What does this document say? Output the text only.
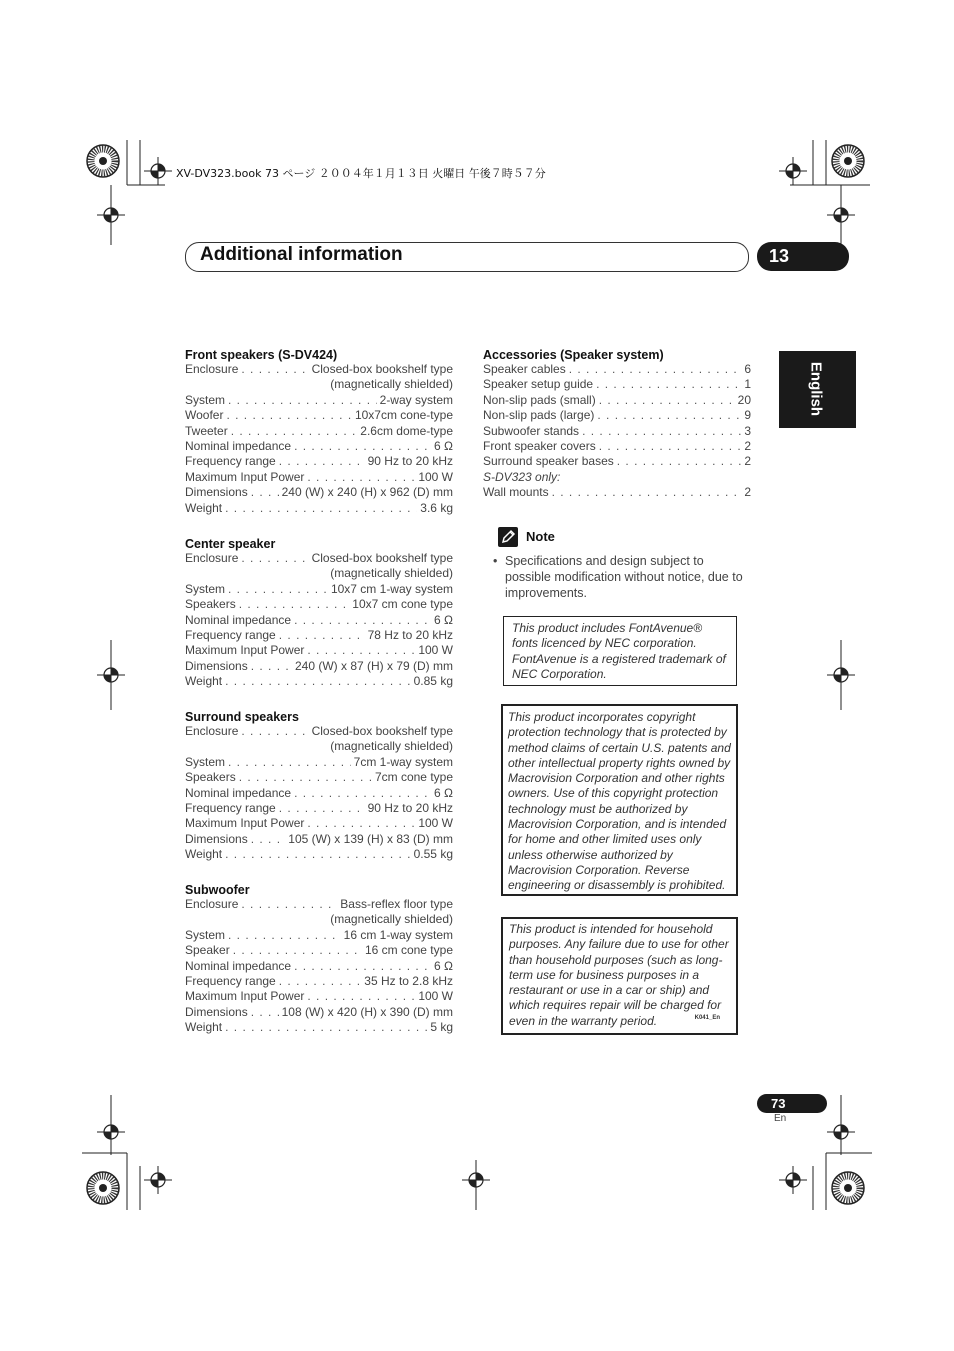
XV-DV323.book 73 ページ ２００４年１月１３日 火曜日 午後７時５７分
Additional information	13
English
Front speakers (S-DV424)
Enclosure . . .	Closed-box bookshelf type
(magnetically shielded)
System . . .	2-way system
Woofer . . .	10x7cm cone-type
Tweeter . . .	2.6cm dome-type
Nominal impedance . . .	6 Ω
Frequency range . . .	90 Hz to 20 kHz
Maximum Input Power . . .	100 W
Dimensions . . .	240 (W) x 240 (H) x 962 (D) mm
Weight . . .	3.6 kg
Center speaker
Enclosure . . .	Closed-box bookshelf type
(magnetically shielded)
System . . .	10x7 cm 1-way system
Speakers . . .	10x7 cm cone type
Nominal impedance . . .	6 Ω
Frequency range . . .	78 Hz to 20 kHz
Maximum Input Power . . .	100 W
Dimensions . . .	240 (W) x 87 (H) x 79 (D) mm
Weight . . .	0.85 kg
Surround speakers
Enclosure . . .	Closed-box bookshelf type
(magnetically shielded)
System . . .	7cm 1-way system
Speakers . . .	7cm cone type
Nominal impedance . . .	6 Ω
Frequency range . . .	90 Hz to 20 kHz
Maximum Input Power . . .	100 W
Dimensions . . .	105 (W) x 139 (H) x 83 (D) mm
Weight . . .	0.55 kg
Subwoofer
Enclosure . . .	Bass-reflex floor type
(magnetically shielded)
System . . .	16 cm 1-way system
Speaker . . .	16 cm cone type
Nominal impedance . . .	6 Ω
Frequency range . . .	35 Hz to 2.8 kHz
Maximum Input Power . . .	100 W
Dimensions . . .	108 (W) x 420 (H) x 390 (D) mm
Weight . . .	5 kg
Accessories (Speaker system)
Speaker cables . . .	6
Speaker setup guide . . .	1
Non-slip pads (small) . . .	20
Non-slip pads (large) . . .	9
Subwoofer stands . . .	3
Front speaker covers . . .	2
Surround speaker bases . . .	2
S-DV323 only:
Wall mounts . . .	2
Note
• Specifications and design subject to possible modification without notice, due to improvements.
This product includes FontAvenue® fonts licenced by NEC corporation. FontAvenue is a registered trademark of NEC Corporation.
This product incorporates copyright protection technology that is protected by method claims of certain U.S. patents and other intellectual property rights owned by Macrovision Corporation and other rights owners. Use of this copyright protection technology must be authorized by Macrovision Corporation, and is intended for home and other limited uses only unless otherwise authorized by Macrovision Corporation. Reverse engineering or disassembly is prohibited.
This product is intended for household purposes. Any failure due to use for other than household purposes (such as long-term use for business purposes in a restaurant or use in a car or ship) and which requires repair will be charged for even in the warranty period.	K041_En
73
En
